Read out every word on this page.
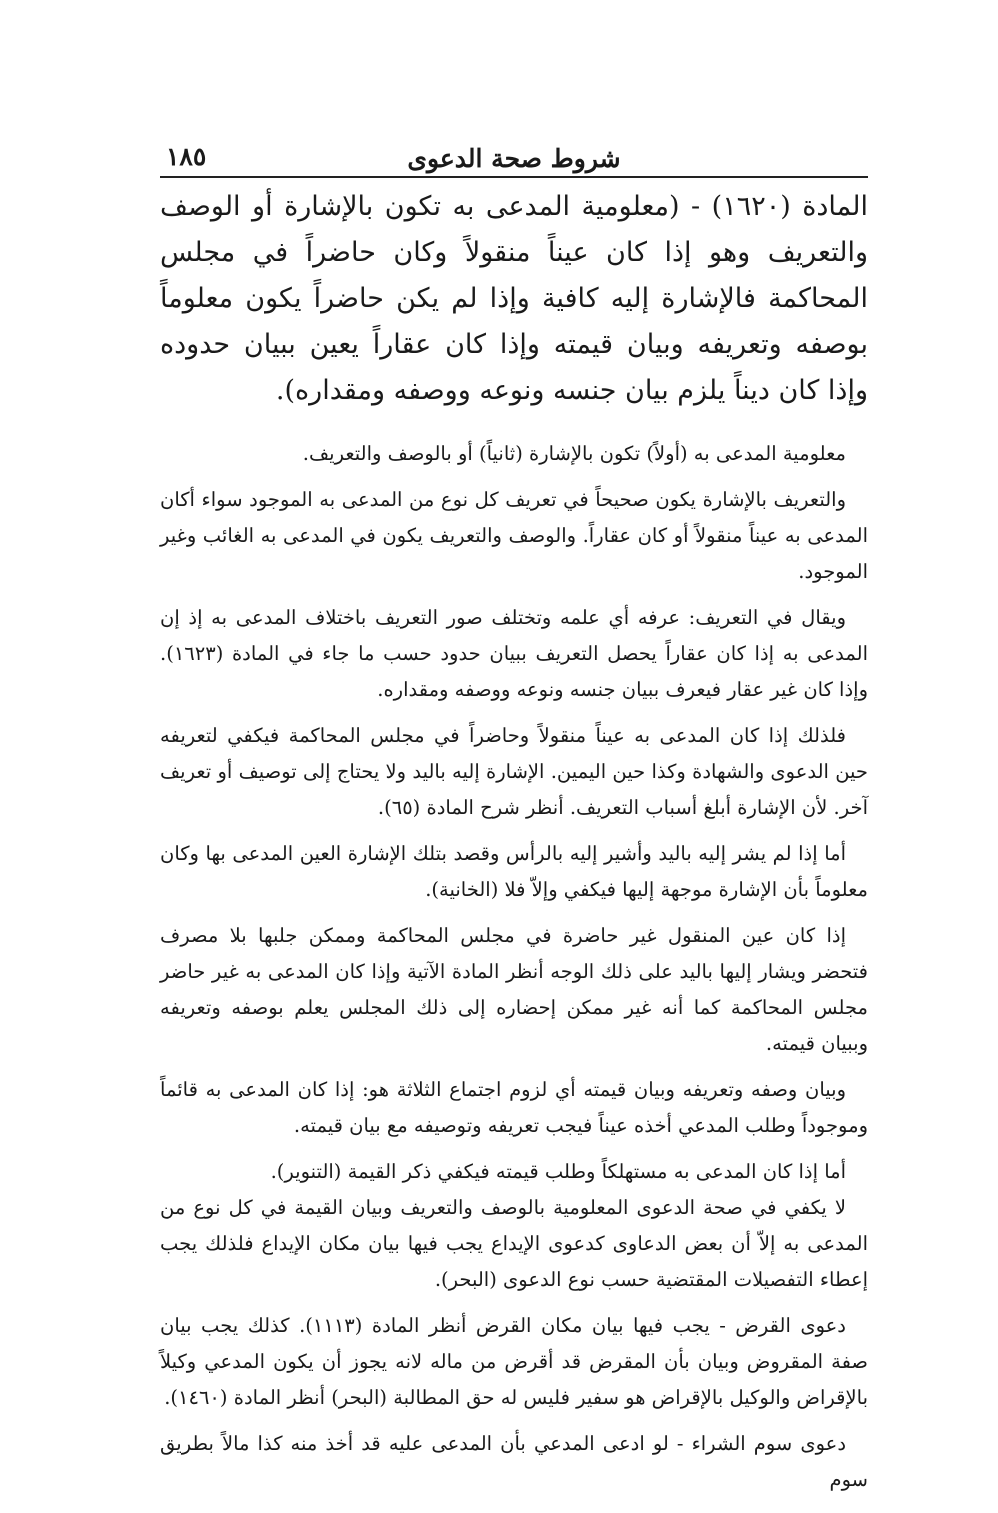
١٨٥	شروط صحة الدعوى

المادة (١٦٢٠) - (معلومية المدعى به تكون بالإشارة أو الوصف والتعريف وهو إذا كان عيناً منقولاً وكان حاضراً في مجلس المحاكمة فالإشارة إليه كافية وإذا لم يكن حاضراً يكون معلوماً بوصفه وتعريفه وبيان قيمته وإذا كان عقاراً يعين ببيان حدوده وإذا كان ديناً يلزم بيان جنسه ونوعه ووصفه ومقداره).

معلومية المدعى به (أولاً) تكون بالإشارة (ثانياً) أو بالوصف والتعريف.

والتعريف بالإشارة يكون صحيحاً في تعريف كل نوع من المدعى به الموجود سواء أكان المدعى به عيناً منقولاً أو كان عقاراً. والوصف والتعريف يكون في المدعى به الغائب وغير الموجود.

ويقال في التعريف: عرفه أي علمه وتختلف صور التعريف باختلاف المدعى به إذ إن المدعى به إذا كان عقاراً يحصل التعريف ببيان حدود حسب ما جاء في المادة (١٦٢٣). وإذا كان غير عقار فيعرف ببيان جنسه ونوعه ووصفه ومقداره.

فلذلك إذا كان المدعى به عيناً منقولاً وحاضراً في مجلس المحاكمة فيكفي لتعريفه حين الدعوى والشهادة وكذا حين اليمين. الإشارة إليه باليد ولا يحتاج إلى توصيف أو تعريف آخر. لأن الإشارة أبلغ أسباب التعريف. أنظر شرح المادة (٦٥).

أما إذا لم يشر إليه باليد وأشير إليه بالرأس وقصد بتلك الإشارة العين المدعى بها وكان معلوماً بأن الإشارة موجهة إليها فيكفي وإلاّ فلا (الخانية).

إذا كان عين المنقول غير حاضرة في مجلس المحاكمة وممكن جلبها بلا مصرف فتحضر ويشار إليها باليد على ذلك الوجه أنظر المادة الآتية وإذا كان المدعى به غير حاضر مجلس المحاكمة كما أنه غير ممكن إحضاره إلى ذلك المجلس يعلم بوصفه وتعريفه وببيان قيمته.

وبيان وصفه وتعريفه وبيان قيمته أي لزوم اجتماع الثلاثة هو: إذا كان المدعى به قائماً وموجوداً وطلب المدعي أخذه عيناً فيجب تعريفه وتوصيفه مع بيان قيمته.

أما إذا كان المدعى به مستهلكاً وطلب قيمته فيكفي ذكر القيمة (التنوير).

لا يكفي في صحة الدعوى المعلومية بالوصف والتعريف وبيان القيمة في كل نوع من المدعى به إلاّ أن بعض الدعاوى كدعوى الإيداع يجب فيها بيان مكان الإيداع فلذلك يجب إعطاء التفصيلات المقتضية حسب نوع الدعوى (البحر).

دعوى القرض - يجب فيها بيان مكان القرض أنظر المادة (١١١٣). كذلك يجب بيان صفة المقروض وبيان بأن المقرض قد أقرض من ماله لانه يجوز أن يكون المدعي وكيلاً بالإقراض والوكيل بالإقراض هو سفير فليس له حق المطالبة (البحر) أنظر المادة (١٤٦٠).

دعوى سوم الشراء - لو ادعى المدعي بأن المدعى عليه قد أخذ منه كذا مالاً بطريق سوم
